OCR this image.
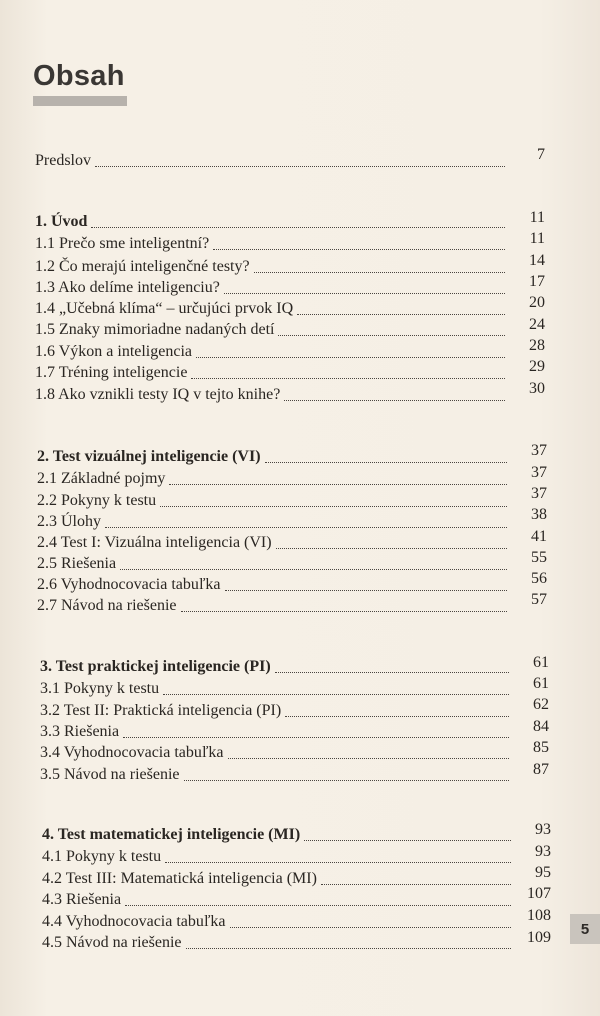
Obsah
Predslov	7
1. Úvod	11
1.1 Prečo sme inteligentní?	11
1.2 Čo merajú inteligenčné testy?	14
1.3 Ako delíme inteligenciu?	17
1.4 „Učebná klíma“ – určujúci prvok IQ	20
1.5 Znaky mimoriadne nadaných detí	24
1.6 Výkon a inteligencia	28
1.7 Tréning inteligencie	29
1.8 Ako vznikli testy IQ v tejto knihe?	30
2. Test vizuálnej inteligencie (VI)	37
2.1 Základné pojmy	37
2.2 Pokyny k testu	37
2.3 Úlohy	38
2.4 Test I: Vizuálna inteligencia (VI)	41
2.5 Riešenia	55
2.6 Vyhodnocovacia tabuľka	56
2.7 Návod na riešenie	57
3. Test praktickej inteligencie (PI)	61
3.1 Pokyny k testu	61
3.2 Test II: Praktická inteligencia (PI)	62
3.3 Riešenia	84
3.4 Vyhodnocovacia tabuľka	85
3.5 Návod na riešenie	87
4. Test matematickej inteligencie (MI)	93
4.1 Pokyny k testu	93
4.2 Test III: Matematická inteligencia (MI)	95
4.3 Riešenia	107
4.4 Vyhodnocovacia tabuľka	108
4.5 Návod na riešenie	109	5
